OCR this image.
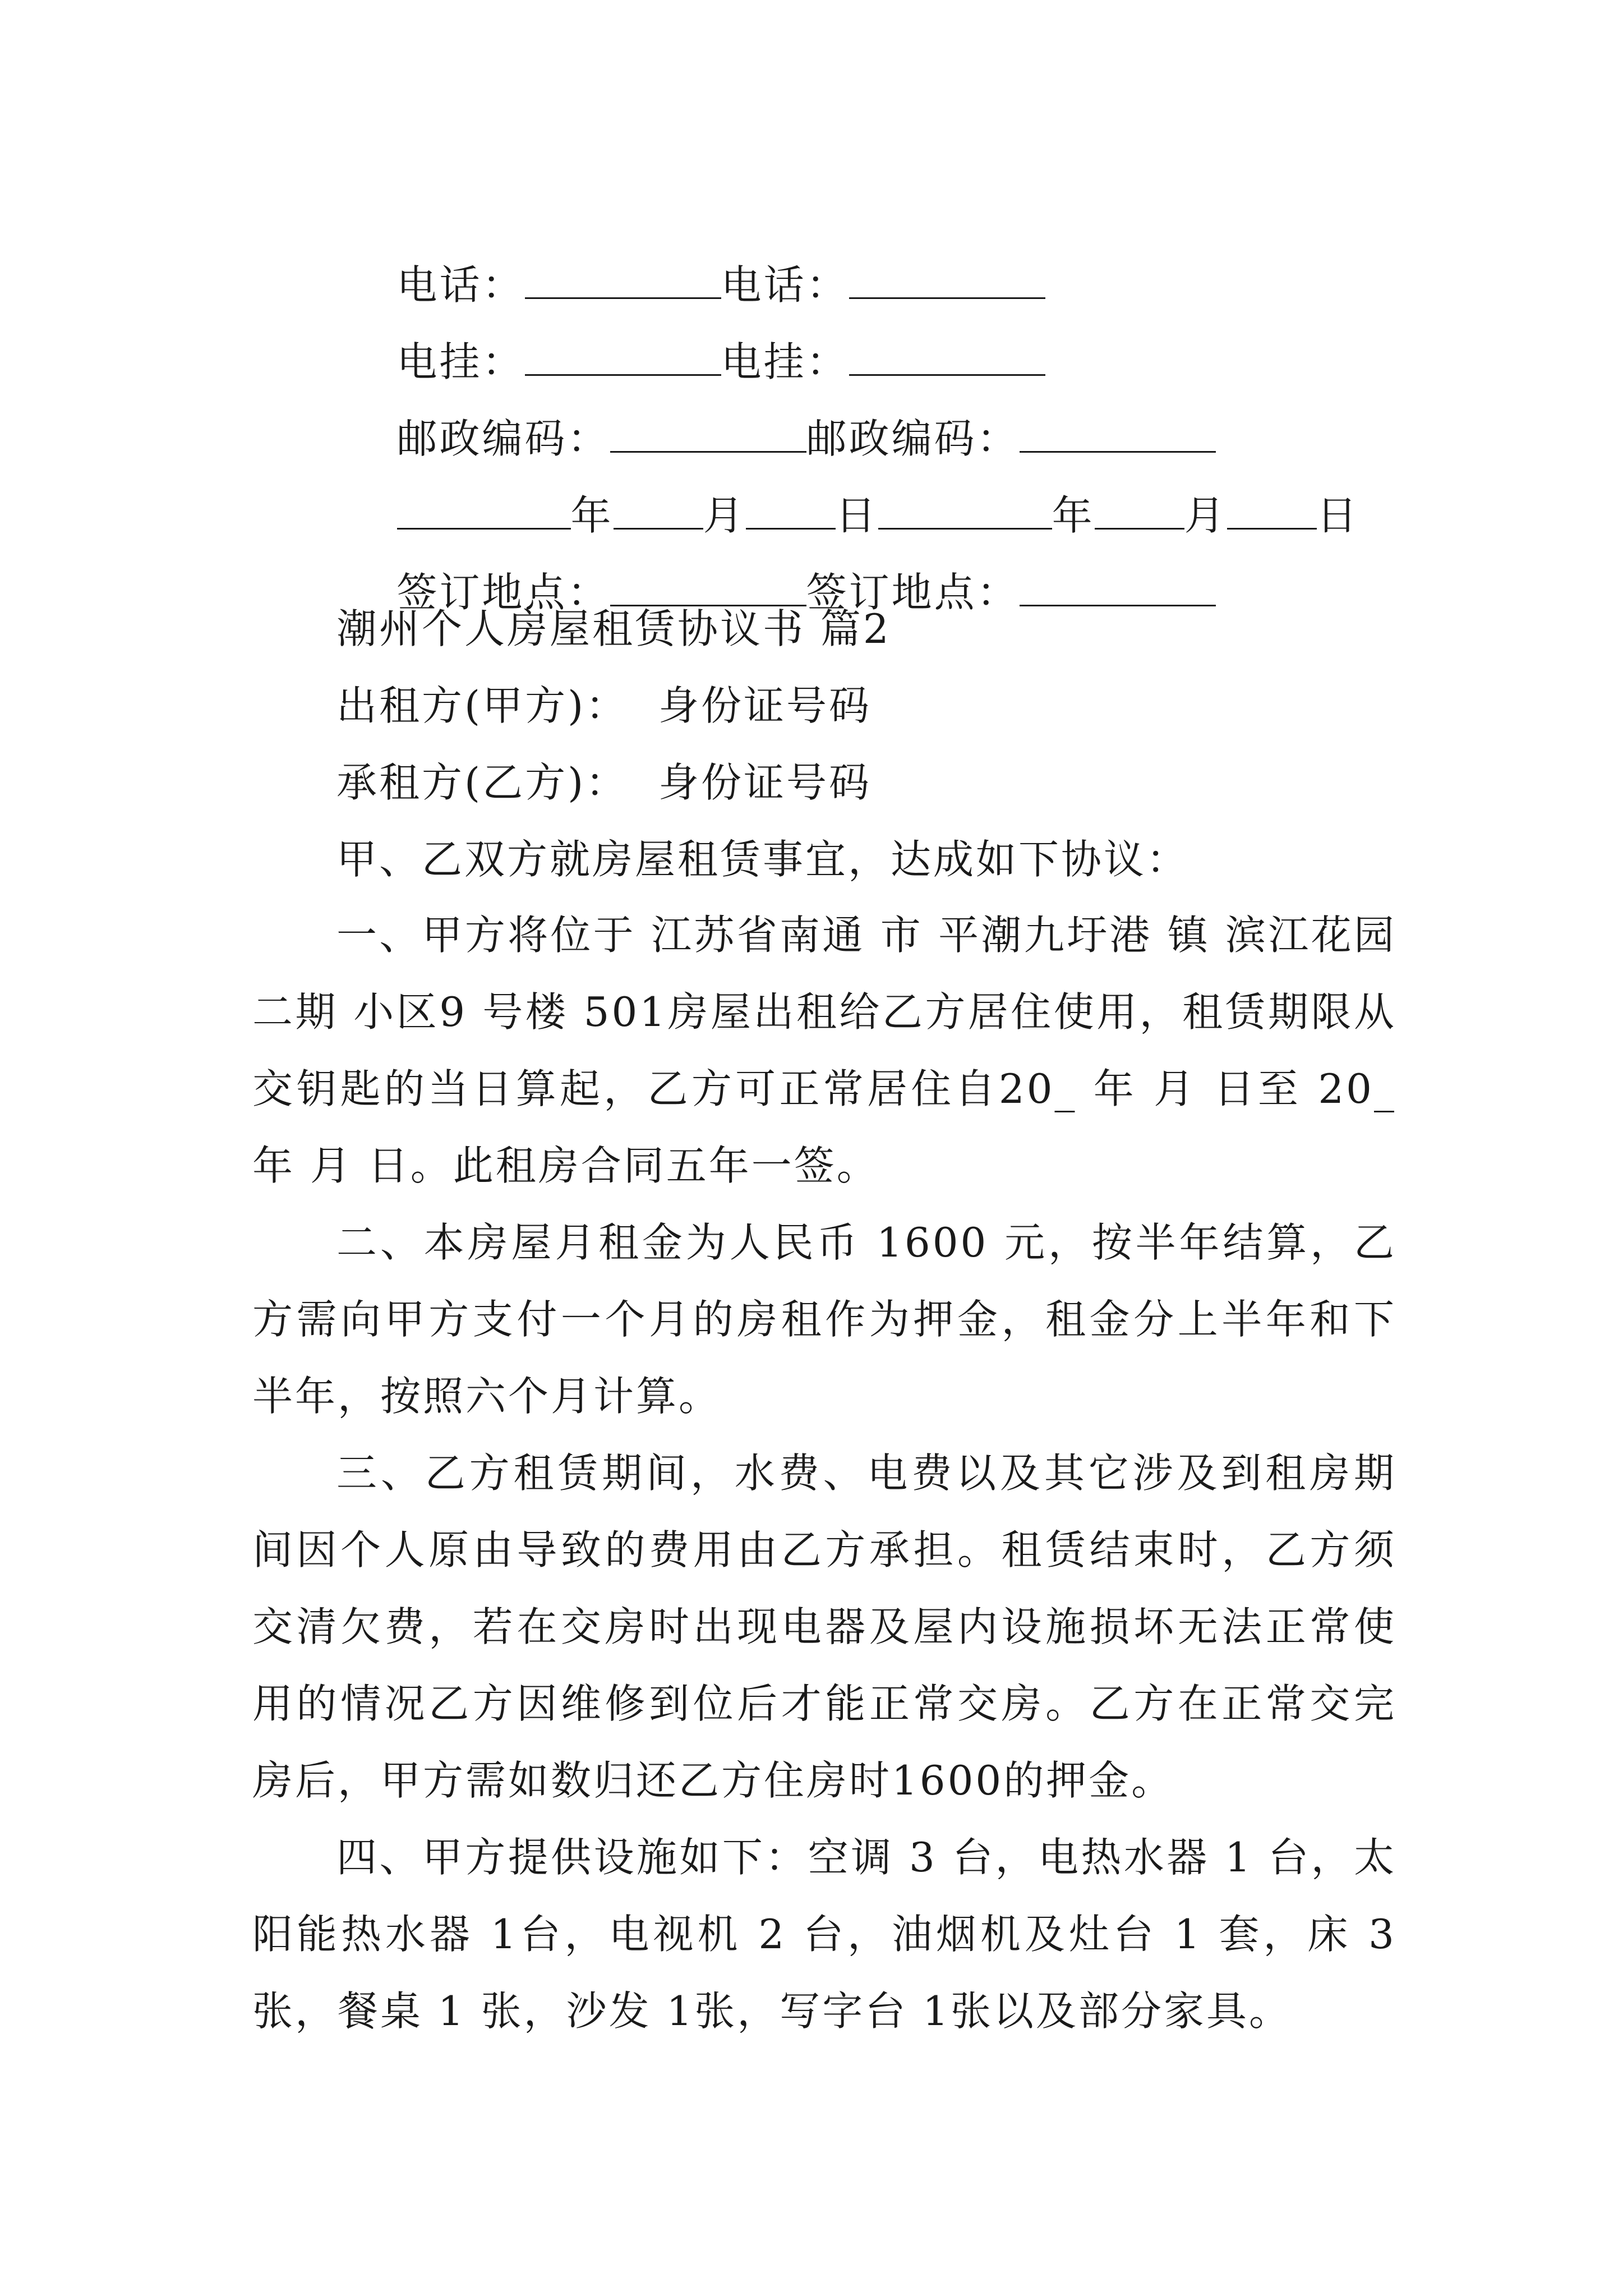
电话：	电话：

电挂：	电挂：

邮政编码：	邮政编码：

年 月 日	年 月 日

签订地点：	签订地点：

潮州个人房屋租赁协议书 篇2
出租方(甲方)：  身份证号码
承租方(乙方)：  身份证号码
甲、乙双方就房屋租赁事宜，达成如下协议：
一、甲方将位于 江苏省南通 市 平潮九圩港 镇 滨江花园二期 小区9 号楼 501房屋出租给乙方居住使用，租赁期限从交钥匙的当日算起，乙方可正常居住自20_ 年 月 日至 20_ 年 月 日。此租房合同五年一签。
二、本房屋月租金为人民币 1600 元，按半年结算，乙方需向甲方支付一个月的房租作为押金，租金分上半年和下半年，按照六个月计算。
三、乙方租赁期间，水费、电费以及其它涉及到租房期间因个人原由导致的费用由乙方承担。租赁结束时，乙方须交清欠费，若在交房时出现电器及屋内设施损坏无法正常使用的情况乙方因维修到位后才能正常交房。乙方在正常交完房后，甲方需如数归还乙方住房时1600的押金。
四、甲方提供设施如下：空调 3 台，电热水器 1 台，太阳能热水器 1台，电视机 2 台，油烟机及灶台 1 套，床 3 张，餐桌 1 张，沙发 1张，写字台 1张以及部分家具。
